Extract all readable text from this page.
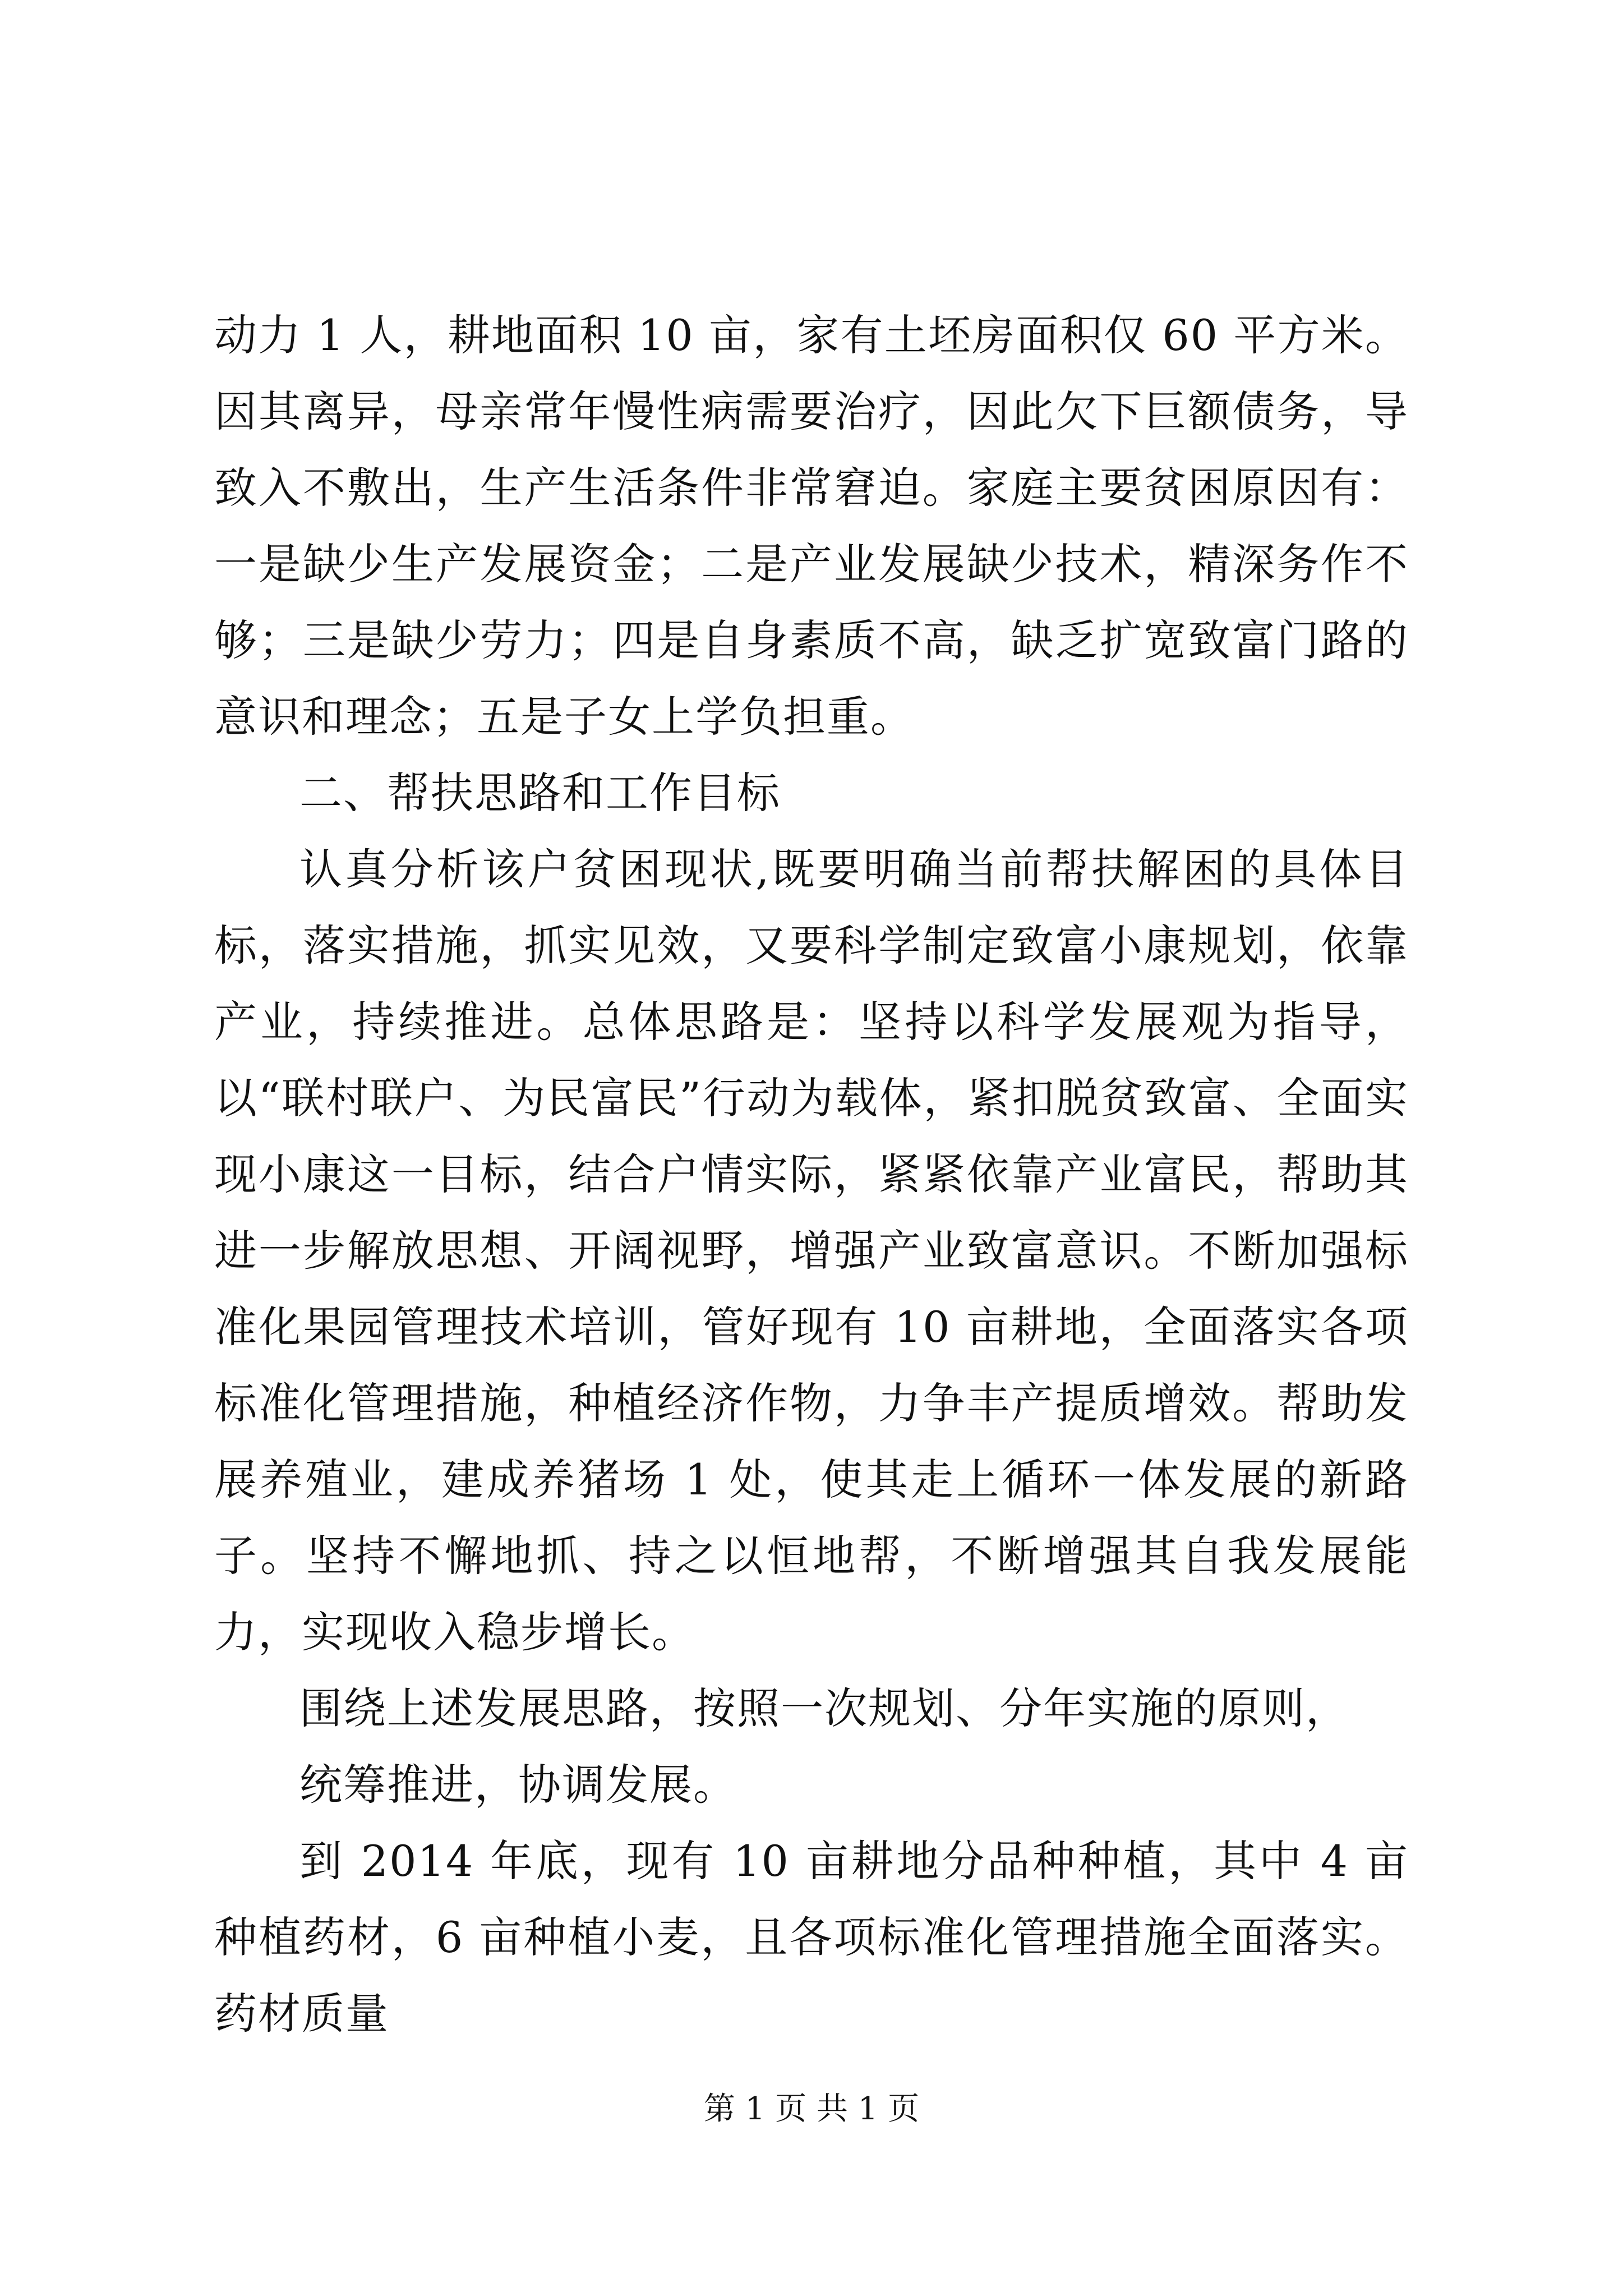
动力 1 人，耕地面积 10 亩，家有土坯房面积仅 60 平方米。因其离异，母亲常年慢性病需要治疗，因此欠下巨额债务，导致入不敷出，生产生活条件非常窘迫。家庭主要贫困原因有：一是缺少生产发展资金；二是产业发展缺少技术，精深务作不够；三是缺少劳力；四是自身素质不高，缺乏扩宽致富门路的意识和理念；五是子女上学负担重。

二、帮扶思路和工作目标

认真分析该户贫困现状,既要明确当前帮扶解困的具体目标，落实措施，抓实见效，又要科学制定致富小康规划，依靠产业，持续推进。总体思路是：坚持以科学发展观为指导，以“联村联户、为民富民”行动为载体，紧扣脱贫致富、全面实现小康这一目标，结合户情实际，紧紧依靠产业富民，帮助其进一步解放思想、开阔视野，增强产业致富意识。不断加强标准化果园管理技术培训，管好现有 10 亩耕地，全面落实各项标准化管理措施，种植经济作物，力争丰产提质增效。帮助发展养殖业，建成养猪场 1 处，使其走上循环一体发展的新路子。坚持不懈地抓、持之以恒地帮，不断增强其自我发展能力，实现收入稳步增长。

围绕上述发展思路，按照一次规划、分年实施的原则，

统筹推进，协调发展。

到 2014 年底，现有 10 亩耕地分品种种植，其中 4 亩种植药材，6 亩种植小麦，且各项标准化管理措施全面落实。药材质量

第 1 页 共 1 页
